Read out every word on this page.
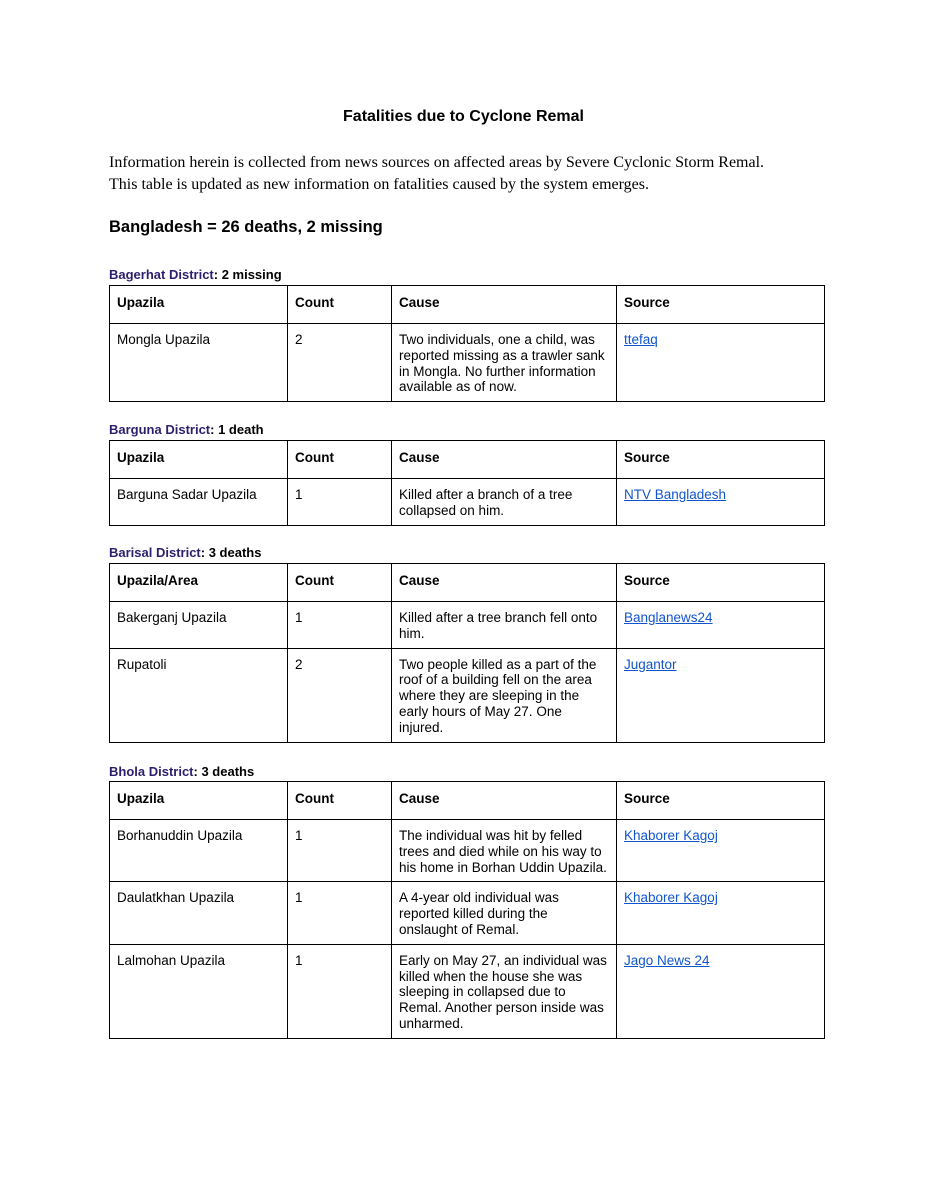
Fatalities due to Cyclone Remal
Information herein is collected from news sources on affected areas by Severe Cyclonic Storm Remal.
This table is updated as new information on fatalities caused by the system emerges.
Bangladesh = 26 deaths, 2 missing
Bagerhat District: 2 missing
Upazila	Count	Cause	Source
Mongla Upazila	2	Two individuals, one a child, was reported missing as a trawler sank in Mongla. No further information available as of now.	ttefaq
Barguna District: 1 death
Upazila	Count	Cause	Source
Barguna Sadar Upazila	1	Killed after a branch of a tree collapsed on him.	NTV Bangladesh
Barisal District: 3 deaths
Upazila/Area	Count	Cause	Source
Bakerganj Upazila	1	Killed after a tree branch fell onto him.	Banglanews24
Rupatoli	2	Two people killed as a part of the roof of a building fell on the area where they are sleeping in the early hours of May 27. One injured.	Jugantor
Bhola District: 3 deaths
Upazila	Count	Cause	Source
Borhanuddin Upazila	1	The individual was hit by felled trees and died while on his way to his home in Borhan Uddin Upazila.	Khaborer Kagoj
Daulatkhan Upazila	1	A 4-year old individual was reported killed during the onslaught of Remal.	Khaborer Kagoj
Lalmohan Upazila	1	Early on May 27, an individual was killed when the house she was sleeping in collapsed due to Remal. Another person inside was unharmed.	Jago News 24
